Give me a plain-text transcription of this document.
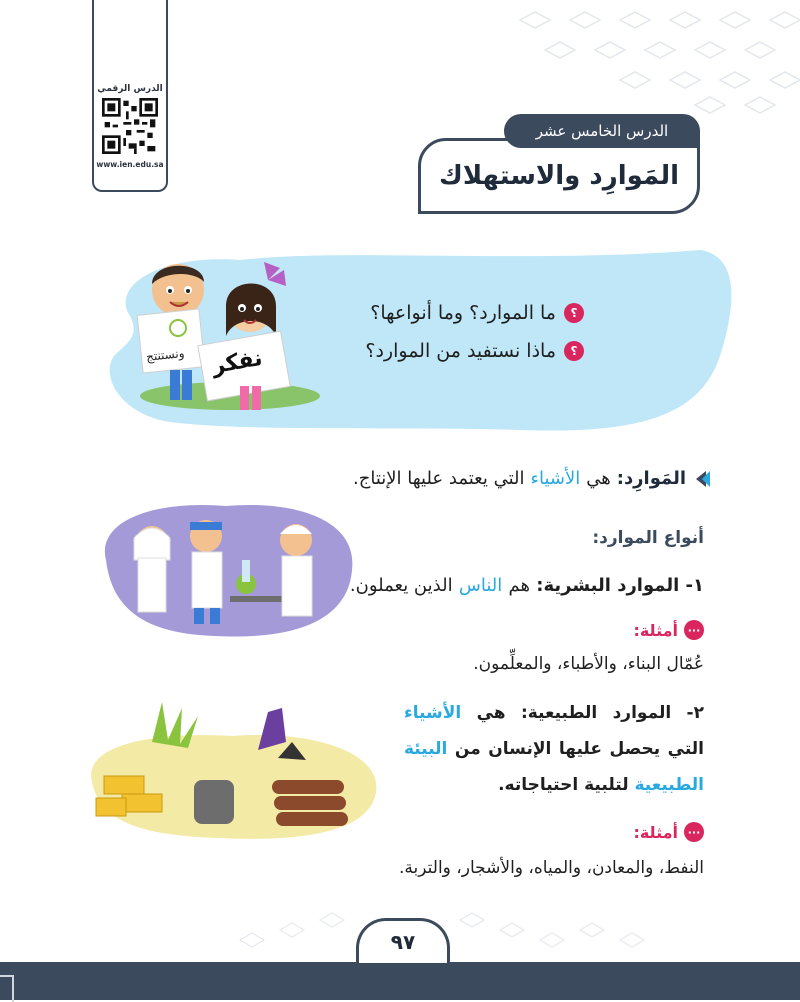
الدرس الرقمي
www.ien.edu.sa
الدرس الخامس عشر
المَوارِد والاستهلاك
ونستنتج نفكر
؟
ما الموارد؟ وما أنواعها؟
؟
ماذا نستفيد من الموارد؟
المَوارِد:
هي
الأشياء
التي يعتمد عليها الإنتاج.
أنواع الموارد:
١- الموارد البشرية: هم الناس الذين يعملون.
···
أمثلة:
عُمّال البناء، والأطباء، والمعلِّمون.
٢- الموارد الطبيعية: هي الأشياء التي يحصل عليها الإنسان من البيئة الطبيعية لتلبية احتياجاته.
···
أمثلة:
النفط، والمعادن، والمياه، والأشجار، والتربة.
٩٧
